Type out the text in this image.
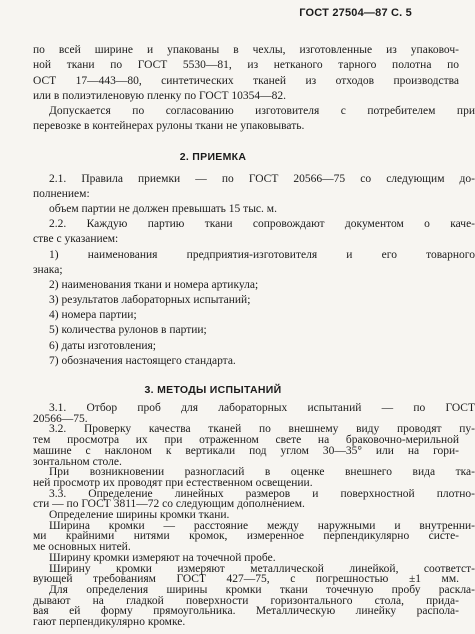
ГОСТ 27504—87 С. 5
по всей ширине и упакованы в чехлы, изготовленные из упаковоч-
ной ткани по ГОСТ 5530—81, из нетканого тарного полотна по
ОСТ 17—443—80, синтетических тканей из отходов производства
или в полиэтиленовую пленку по ГОСТ 10354—82.
Допускается по согласованию изготовителя с потребителем при
перевозке в контейнерах рулоны ткани не упаковывать.
2. ПРИЕМКА
2.1. Правила приемки — по ГОСТ 20566—75 со следующим до-
полнением:
объем партии не должен превышать 15 тыс. м.
2.2. Каждую партию ткани сопровождают документом о каче-
стве с указанием:
1) наименования предприятия-изготовителя и его товарного
знака;
2) наименования ткани и номера артикула;
3) результатов лабораторных испытаний;
4) номера партии;
5) количества рулонов в партии;
6) даты изготовления;
7) обозначения настоящего стандарта.
3. МЕТОДЫ ИСПЫТАНИЙ
3.1. Отбор проб для лабораторных испытаний — по ГОСТ
20566—75.
3.2. Проверку качества тканей по внешнему виду проводят пу-
тем просмотра их при отраженном свете на браковочно-мерильной
машине с наклоном к вертикали под углом 30—35° или на гори-
зонтальном столе.
При возникновении разногласий в оценке внешнего вида тка-
ней просмотр их проводят при естественном освещении.
3.3. Определение линейных размеров и поверхностной плотно-
сти — по ГОСТ 3811—72 со следующим дополнением.
Определение ширины кромки ткани.
Ширина кромки — расстояние между наружными и внутренни-
ми крайними нитями кромок, измеренное перпендикулярно систе-
ме основных нитей.
Ширину кромки измеряют на точечной пробе.
Ширину кромки измеряют металлической линейкой, соответст-
вующей требованиям ГОСТ 427—75, с погрешностью ±1 мм.
Для определения ширины кромки ткани точечную пробу раскла-
дывают на гладкой поверхности горизонтального стола, прида-
вая ей форму прямоугольника. Металлическую линейку распола-
гают перпендикулярно кромке.
